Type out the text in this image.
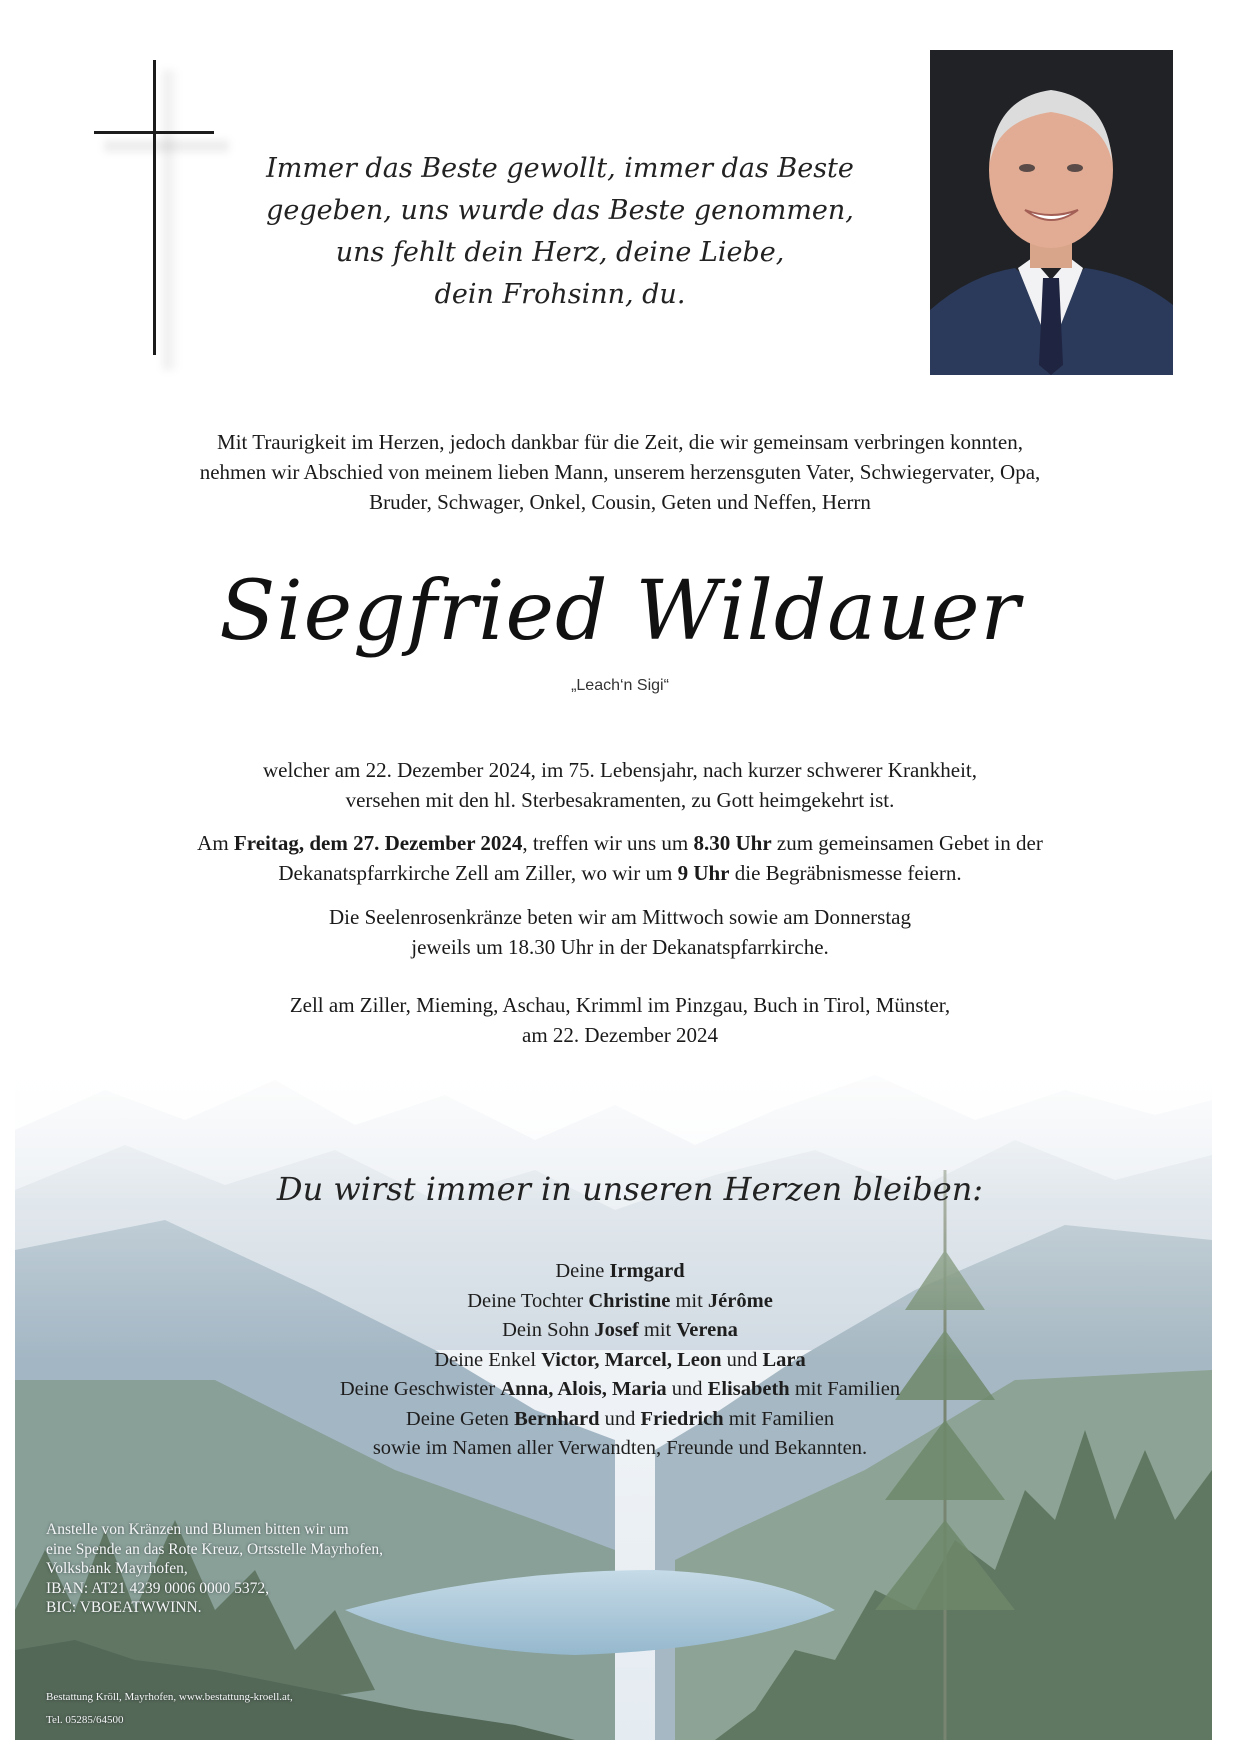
Immer das Beste gewollt, immer das Beste
gegeben, uns wurde das Beste genommen,
uns fehlt dein Herz, deine Liebe,
dein Frohsinn, du.
Mit Traurigkeit im Herzen, jedoch dankbar für die Zeit, die wir gemeinsam verbringen konnten,
nehmen wir Abschied von meinem lieben Mann, unserem herzensguten Vater, Schwiegervater, Opa,
Bruder, Schwager, Onkel, Cousin, Geten und Neffen, Herrn
Siegfried Wildauer
„Leach‘n Sigi“
welcher am 22. Dezember 2024, im 75. Lebensjahr, nach kurzer schwerer Krankheit,
versehen mit den hl. Sterbesakramenten, zu Gott heimgekehrt ist.
Am Freitag, dem 27. Dezember 2024, treffen wir uns um 8.30 Uhr zum gemeinsamen Gebet in der
Dekanatspfarrkirche Zell am Ziller, wo wir um 9 Uhr die Begräbnismesse feiern.
Die Seelenrosenkränze beten wir am Mittwoch sowie am Donnerstag
jeweils um 18.30 Uhr in der Dekanatspfarrkirche.
Zell am Ziller, Mieming, Aschau, Krimml im Pinzgau, Buch in Tirol, Münster,
am 22. Dezember 2024
Du wirst immer in unseren Herzen bleiben:
Deine Irmgard
Deine Tochter Christine mit Jérôme
Dein Sohn Josef mit Verena
Deine Enkel Victor, Marcel, Leon und Lara
Deine Geschwister Anna, Alois, Maria und Elisabeth mit Familien
Deine Geten Bernhard und Friedrich mit Familien
sowie im Namen aller Verwandten, Freunde und Bekannten.
Anstelle von Kränzen und Blumen bitten wir um
eine Spende an das Rote Kreuz, Ortsstelle Mayrhofen,
Volksbank Mayrhofen,
IBAN: AT21 4239 0006 0000 5372,
BIC: VBOEATWWINN.
Bestattung Kröll, Mayrhofen, www.bestattung-kroell.at,
Tel. 05285/64500
